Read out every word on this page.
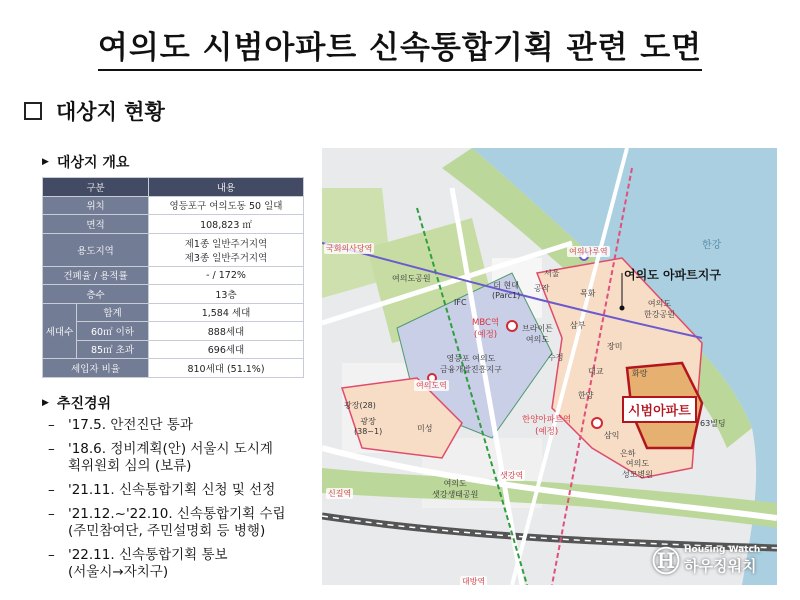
여의도 시범아파트 신속통합기획 관련 도면
대상지 현황
▶ 대상지 개요
구분		내용
위치		영등포구 여의도동 50 일대
면적		108,823 ㎡
용도지역		제1종 일반주거지역
제3종 일반주거지역

건폐율 / 용적률		- / 172%
층수		13층
세대수	합계	1,584 세대
	60㎡ 이하	888세대
	85㎡ 초과	696세대
세입자 비율		810세대 (51.1%)
▶ 추진경위
– '17.5. 안전진단 통과
– '18.6. 정비계획(안) 서울시 도시계
획위원회 심의 (보류)
– '21.11. 신속통합기획 신청 및 선정
– '21.12.~'22.10. 신속통합기획 수립
(주민참여단, 주민설명회 등 병행)
– '22.11. 신속통합기획 통보
(서울시→자치구)
여의도 아파트지구
시범아파트
여의도공원
더 현대
(Parc1)
IFC
영등포 여의도
금융개발진흥지구
서울
공작
목화
삼부
브라이튼
여의도
수정
대교
장미
화랑
한양
삼익
은하
광장(28)
광장
(38~1)	미성
여의도
한강공원
한강
MBC역
(예정)
한양아파트역
(예정)
여의나루역
여의도역
국회의사당역
샛강역
신길역
대방역
63빌딩
여의도
성모병원
여의도
샛강생태공원
Ⓗ Housing Watch
하우징워치
